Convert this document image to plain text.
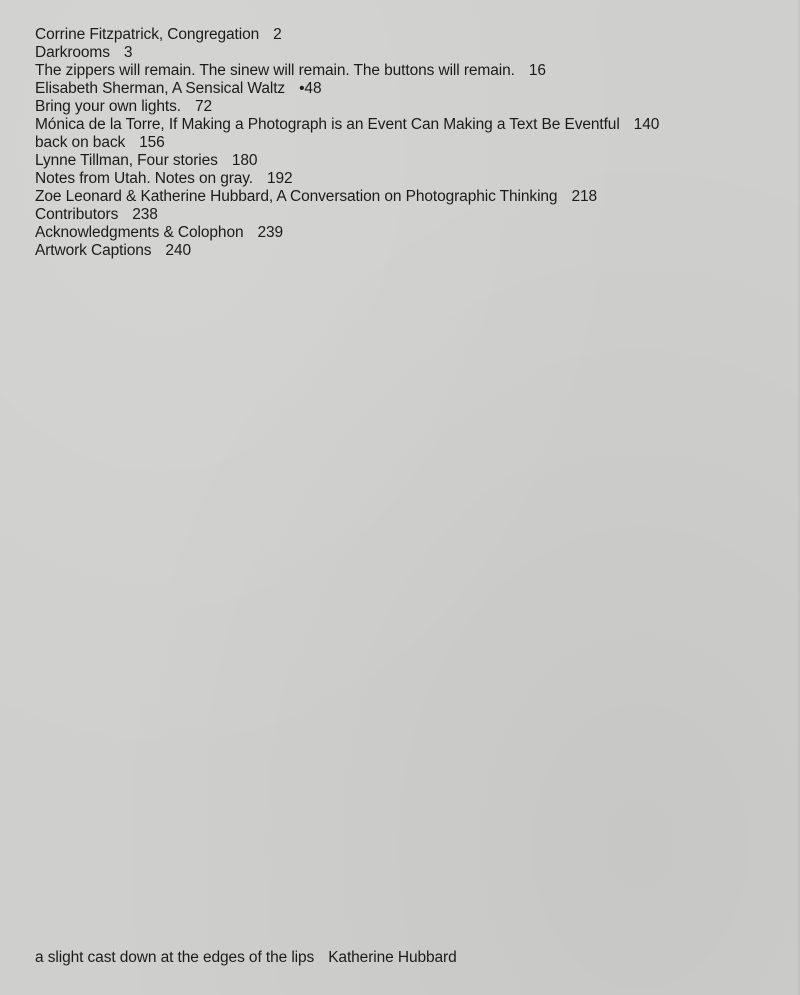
Corrine Fitzpatrick, Congregation 2
Darkrooms 3
The zippers will remain. The sinew will remain. The buttons will remain. 16
Elisabeth Sherman, A Sensical Waltz •48
Bring your own lights. 72
Mónica de la Torre, If Making a Photograph is an Event Can Making a Text Be Eventful 140
back on back 156
Lynne Tillman, Four stories 180
Notes from Utah. Notes on gray. 192
Zoe Leonard & Katherine Hubbard, A Conversation on Photographic Thinking 218
Contributors 238
Acknowledgments & Colophon 239
Artwork Captions 240
a slight cast down at the edges of the lips Katherine Hubbard
